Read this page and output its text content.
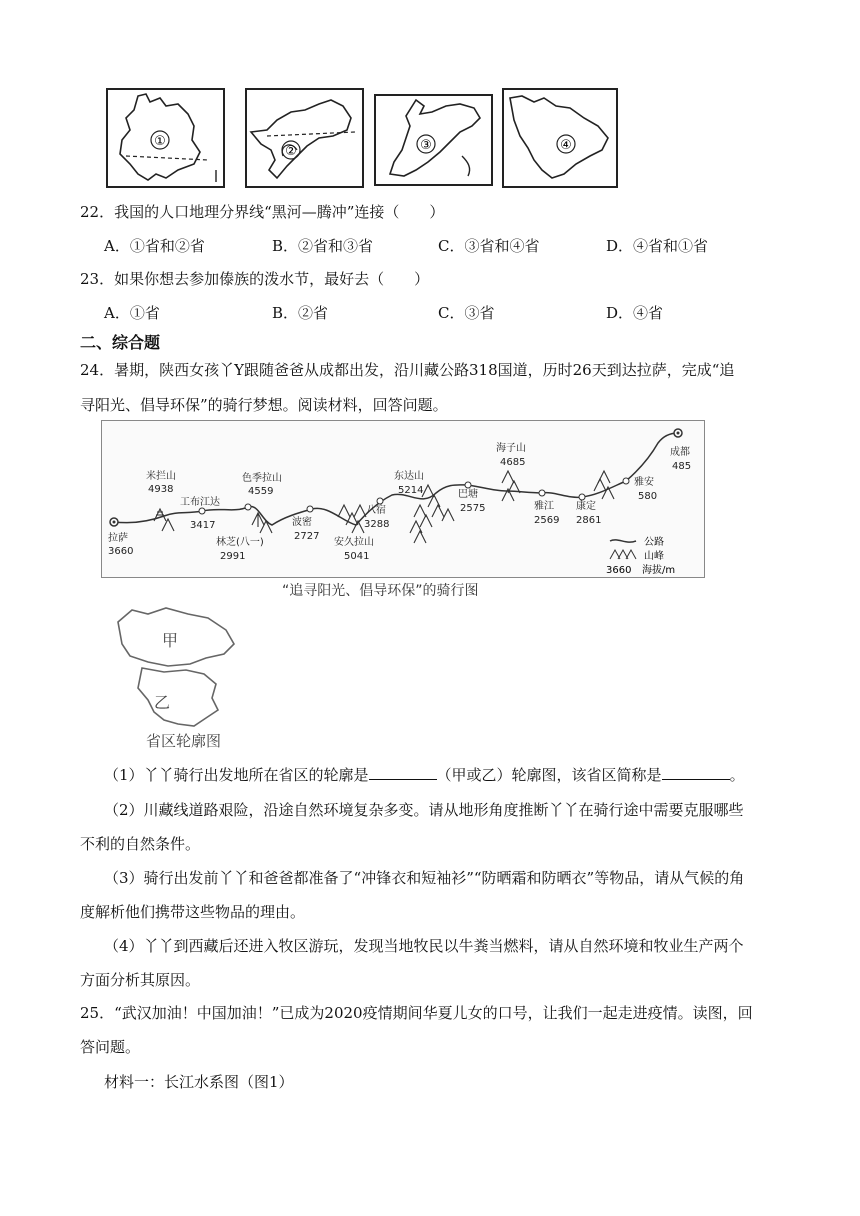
①
②	③	④
22．我国的人口地理分界线“黑河—腾冲”连接（　　）
A．①省和②省	B．②省和③省	C．③省和④省	D．④省和①省
23．如果你想去参加傣族的泼水节，最好去（　　）
A．①省	B．②省	C．③省	D．④省
二、综合题
24．暑期，陕西女孩丫Y跟随爸爸从成都出发，沿川藏公路318国道，历时26天到达拉萨，完成“追
寻阳光、倡导环保”的骑行梦想。阅读材料，回答问题。
拉萨
3660
米拦山
4938
工布江达
3417
林芝(八一)
2991
色季拉山
4559
波密
2727
安久拉山
5041
八宿
3288
东达山
5214	巴塘
2575
海子山
4685
雅江
2569
康定
2861
雅安
580
成都
485
公路
山峰
3660 海拔/m
“追寻阳光、倡导环保”的骑行图
甲
乙
省区轮廓图
（1）丫丫骑行出发地所在省区的轮廓是	（甲或乙）轮廓图，该省区简称是	。
（2）川藏线道路艰险，沿途自然环境复杂多变。请从地形角度推断丫丫在骑行途中需要克服哪些
不利的自然条件。
（3）骑行出发前丫丫和爸爸都准备了“冲锋衣和短袖衫”“防晒霜和防晒衣”等物品，请从气候的角
度解析他们携带这些物品的理由。
（4）丫丫到西藏后还进入牧区游玩，发现当地牧民以牛粪当燃料，请从自然环境和牧业生产两个
方面分析其原因。
25．“武汉加油！中国加油！”已成为2020疫情期间华夏儿女的口号，让我们一起走进疫情。读图，回
答问题。
材料一：长江水系图（图1）
